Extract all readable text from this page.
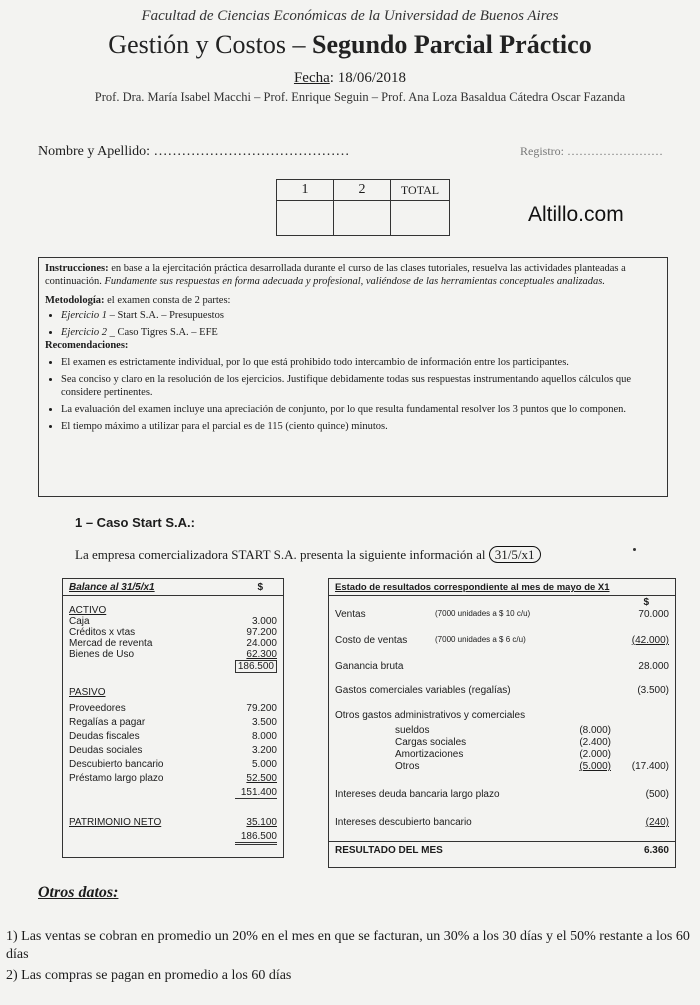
Facultad de Ciencias Económicas de la Universidad de Buenos Aires
Gestión y Costos – Segundo Parcial Práctico
Fecha: 18/06/2018
Prof. Dra. María Isabel Macchi – Prof. Enrique Seguin – Prof. Ana Loza Basaldua Cátedra Oscar Fazanda
Nombre y Apellido: ……………………………………	Registro: ……………………
1	2	TOTAL

Altillo.com

Instrucciones: en base a la ejercitación práctica desarrollada durante el curso de las clases tutoriales, resuelva las actividades planteadas a continuación. Fundamente sus respuestas en forma adecuada y profesional, valiéndose de las herramientas conceptuales analizadas.

Metodología: el examen consta de 2 partes:

• Ejercicio 1 – Start S.A. – Presupuestos
• Ejercicio 2 _ Caso Tigres S.A. – EFE
Recomendaciones:
• El examen es estrictamente individual, por lo que está prohibido todo intercambio de información entre los participantes.
• Sea conciso y claro en la resolución de los ejercicios. Justifique debidamente todas sus respuestas instrumentando aquellos cálculos que considere pertinentes.
• La evaluación del examen incluye una apreciación de conjunto, por lo que resulta fundamental resolver los 3 puntos que lo componen.
• El tiempo máximo a utilizar para el parcial es de 115 (ciento quince) minutos.
1 – Caso Start S.A.:
La empresa comercializadora START S.A. presenta la siguiente información al 31/5/x1
Balance al 31/5/x1	$
ACTIVO
Caja	3.000
Créditos x vtas	97.200
Mercad de reventa	24.000
Bienes de Uso	62.300
186.500
PASIVO
Proveedores	79.200
Regalías a pagar	3.500
Deudas fiscales	8.000
Deudas sociales	3.200
Descubierto bancario	5.000
Préstamo largo plazo	52.500
151.400
PATRIMONIO NETO	35.100
186.500
Estado de resultados correspondiente al mes de mayo de X1
$
Ventas	(7000 unidades a $ 10 c/u)	70.000
Costo de ventas	(7000 unidades a $ 6 c/u)	(42.000)
Ganancia bruta	28.000
Gastos comerciales variables (regalías)	(3.500)
Otros gastos administrativos y comerciales
sueldos	(8.000)
Cargas sociales	(2.400)
Amortizaciones	(2.000)
Otros	(5.000) (17.400)
Intereses deuda bancaria largo plazo	(500)
Intereses descubierto bancario	(240)
RESULTADO DEL MES	6.360
Otros datos:
1) Las ventas se cobran en promedio un 20% en el mes en que se facturan, un 30% a los 30 días y el 50% restante a los 60 días
2) Las compras se pagan en promedio a los 60 días
